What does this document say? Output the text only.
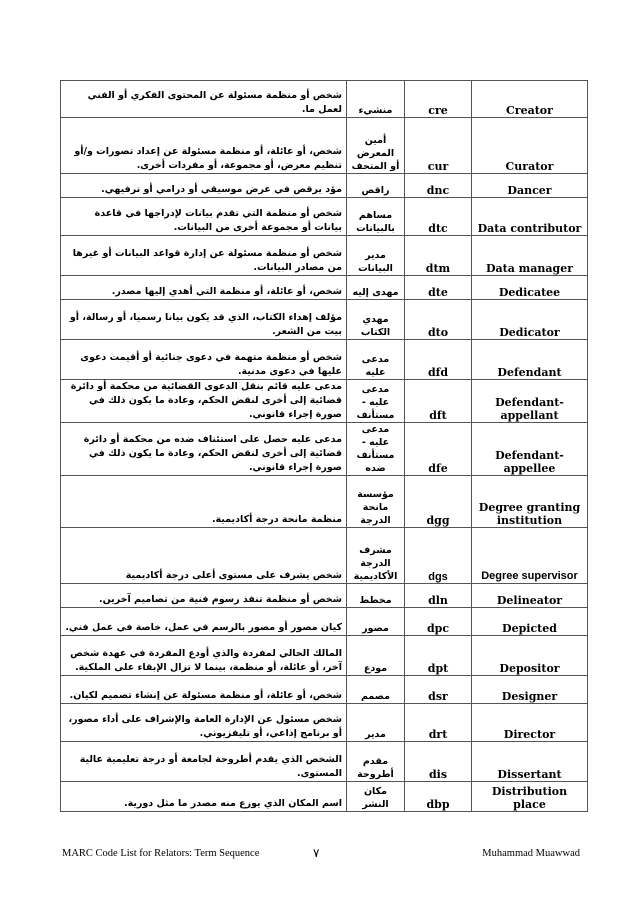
شخص أو منظمة مسئولة عن المحتوى الفكري أو الفني لعمل ما.	منشيء	cre	Creator
شخص، أو عائلة، أو منظمة مسئولة عن إعداد تصورات و/أو تنظيم معرض، أو مجموعة، أو مفردات أخرى.	أمين المعرض أو المتحف	cur	Curator
مؤد يرقص في عرض موسيقي أو درامي أو ترفيهي.	راقص	dnc	Dancer
شخص أو منظمة التي تقدم بيانات لإدراجها في قاعدة بيانات أو مجموعة أخرى من البيانات.	مساهم بالبيانات	dtc	Data contributor
شخص أو منظمة مسئولة عن إدارة قواعد البيانات أو غيرها من مصادر البيانات.	مدير البيانات	dtm	Data manager
شخص، أو عائلة، أو منظمة التي أهدي إليها مصدر.	مهدى إليه	dte	Dedicatee
مؤلف إهداء الكتاب، الذي قد يكون بيانا رسميا، أو رسالة، أو بيت من الشعر.	مهدي الكتاب	dto	Dedicator
شخص أو منظمة متهمة في دعوى جنائية أو أقيمت دعوى عليها في دعوى مدنية.	مدعى عليه	dfd	Defendant
مدعى عليه قائم بنقل الدعوى القضائية من محكمة أو دائرة قضائية إلى أخرى لنقض الحكم، وعادة ما يكون ذلك في صورة إجراء قانوني.	مدعى عليه - مستأنف	dft	Defendant-appellant
مدعى عليه حصل على استئناف ضده من محكمة أو دائرة قضائية إلى أخرى لنقض الحكم، وعادة ما يكون ذلك في صورة إجراء قانوني.	مدعى عليه - مستأنف ضده	dfe	Defendant-appellee
منظمة مانحة درجة أكاديمية.	مؤسسة مانحة الدرجة	dgg	Degree granting institution
شخص يشرف على مستوى أعلى درجة أكاديمية	مشرف الدرجة الأكاديمية	dgs	Degree supervisor
شخص أو منظمة تنفذ رسوم فنية من تصاميم آخرين.	مخطط	dln	Delineator
كيان مصور أو مصور بالرسم في عمل، خاصة في عمل فني.	مصور	dpc	Depicted
المالك الحالي لمفردة والذي أودع المفردة في عهدة شخص آخر، أو عائلة، أو منظمة، بينما لا تزال الإبقاء على الملكية.	مودع	dpt	Depositor
شخص، أو عائلة، أو منظمة مسئولة عن إنشاء تصميم لكيان.	مصمم	dsr	Designer
شخص مسئول عن الإدارة العامة والإشراف على أداء مصور، أو برنامج إذاعي، أو تليفزيوني.	مدير	drt	Director
الشخص الذي يقدم أطروحة لجامعة أو درجة تعليمية عالية المستوى.	مقدم أطروحة	dis	Dissertant
اسم المكان الذي يوزع منه مصدر ما مثل دورية.	مكان النشر	dbp	Distribution place
MARC Code List for Relators: Term Sequence	٧	Muhammad Muawwad
